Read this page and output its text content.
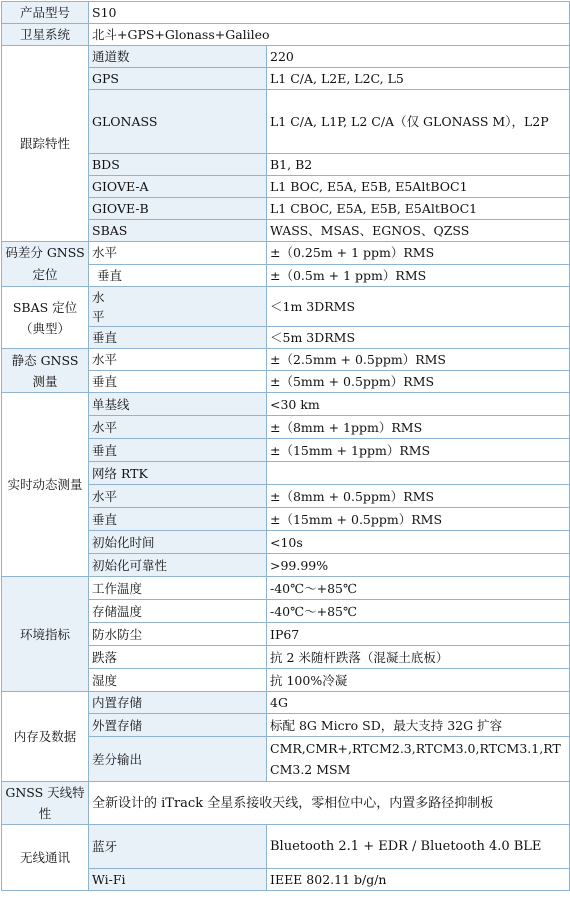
产品型号	S10	
卫星系统	北斗+GPS+Glonass+Galileo	
跟踪特性	通道数	220
	GPS	L1 C/A, L2E, L2C, L5
	GLONASS	L1 C/A, L1P, L2 C/A（仅 GLONASS M），L2P
	BDS	B1, B2
	GIOVE-A	L1 BOC, E5A, E5B, E5AltBOC1
	GIOVE-B	L1 CBOC, E5A, E5B, E5AltBOC1
	SBAS	WASS、MSAS、EGNOS、QZSS
码差分 GNSS 定位	水平	±（0.25m + 1 ppm）RMS
	垂直	±（0.5m + 1 ppm）RMS
SBAS 定位（典型）	水平	＜1m 3DRMS
	垂直	＜5m 3DRMS
静态 GNSS 测量	水平	±（2.5mm + 0.5ppm）RMS
	垂直	±（5mm + 0.5ppm）RMS
实时动态测量	单基线	<30 km
	水平	±（8mm + 1ppm）RMS
	垂直	±（15mm + 1ppm）RMS
	网络 RTK	
	水平	±（8mm + 0.5ppm）RMS
	垂直	±（15mm + 0.5ppm）RMS
	初始化时间	<10s
	初始化可靠性	>99.99%
环境指标	工作温度	-40℃～+85℃
	存储温度	-40℃～+85℃
	防水防尘	IP67
	跌落	抗 2 米随杆跌落（混凝土底板）
	湿度	抗 100%冷凝
内存及数据	内置存储	4G
	外置存储	标配 8G Micro SD，最大支持 32G 扩容
	差分输出	CMR,CMR+,RTCM2.3,RTCM3.0,RTCM3.1,RTCM3.2 MSM
GNSS 天线特性	全新设计的 iTrack 全星系接收天线，零相位中心，内置多路径抑制板	
无线通讯	蓝牙	Bluetooth 2.1 + EDR / Bluetooth 4.0 BLE
	Wi-Fi	IEEE 802.11 b/g/n
